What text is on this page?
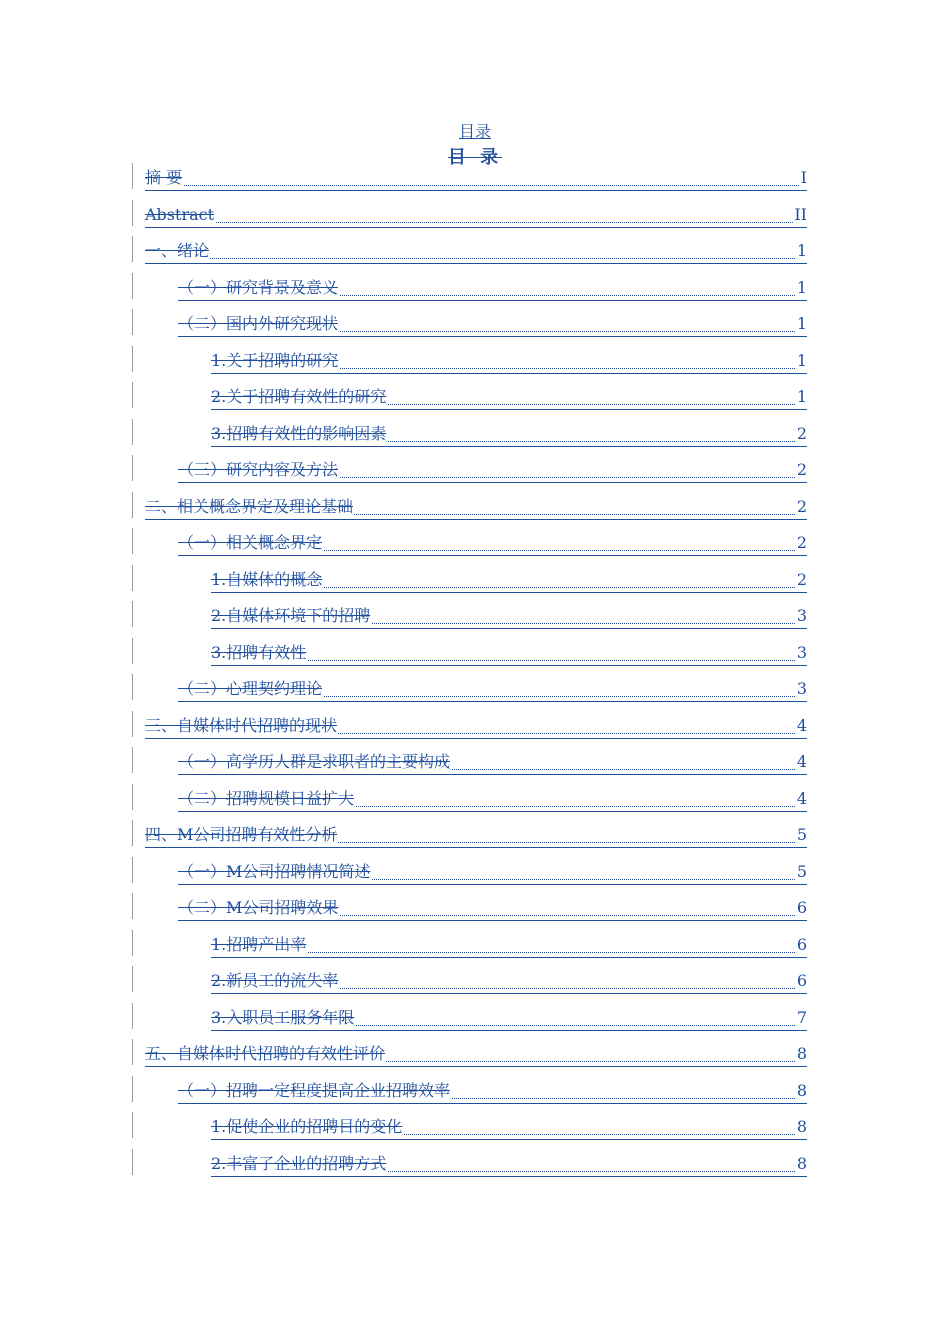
目录
目 录
摘 要	I
Abstract	II
一、绪论	1
（一）研究背景及意义	1
（二）国内外研究现状	1
1.关于招聘的研究	1
2.关于招聘有效性的研究	1
3.招聘有效性的影响因素	2
（三）研究内容及方法	2
二、相关概念界定及理论基础	2
（一）相关概念界定	2
1.自媒体的概念	2
2.自媒体环境下的招聘	3
3.招聘有效性	3
（二）心理契约理论	3
三、自媒体时代招聘的现状	4
（一）高学历人群是求职者的主要构成	4
（二）招聘规模日益扩大	4
四、M公司招聘有效性分析	5
（一）M公司招聘情况简述	5
（二）M公司招聘效果	6
1.招聘产出率	6
2.新员工的流失率	6
3.入职员工服务年限	7
五、自媒体时代招聘的有效性评价	8
（一）招聘一定程度提高企业招聘效率	8
1.促使企业的招聘目的变化	8
2.丰富了企业的招聘方式	8
